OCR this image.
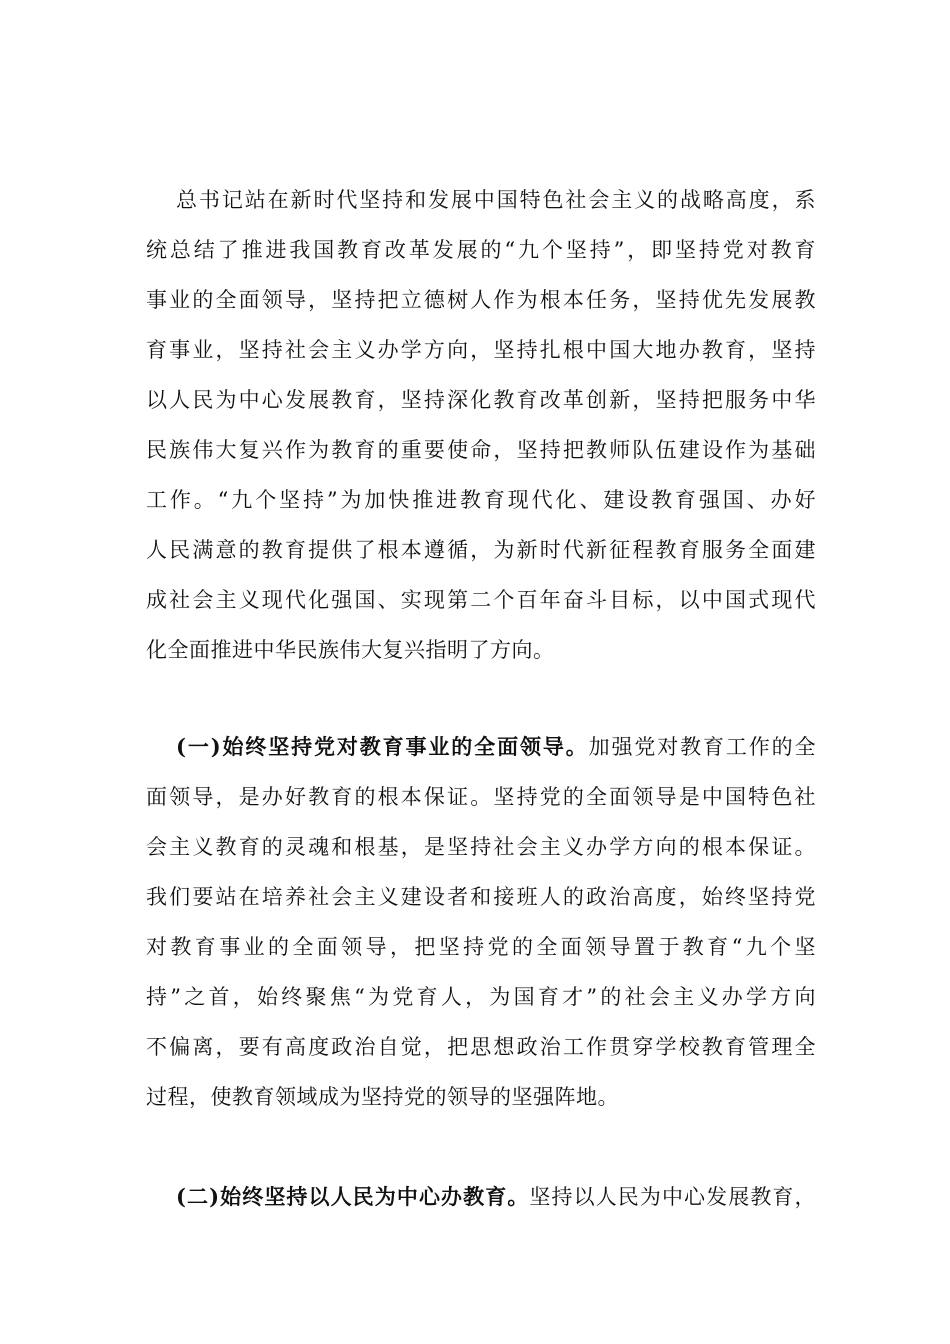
总书记站在新时代坚持和发展中国特色社会主义的战略高度，系
统总结了推进我国教育改革发展的“九个坚持”，即坚持党对教育
事业的全面领导，坚持把立德树人作为根本任务，坚持优先发展教
育事业，坚持社会主义办学方向，坚持扎根中国大地办教育，坚持
以人民为中心发展教育，坚持深化教育改革创新，坚持把服务中华
民族伟大复兴作为教育的重要使命，坚持把教师队伍建设作为基础
工作。“九个坚持”为加快推进教育现代化、建设教育强国、办好
人民满意的教育提供了根本遵循，为新时代新征程教育服务全面建
成社会主义现代化强国、实现第二个百年奋斗目标，以中国式现代
化全面推进中华民族伟大复兴指明了方向。
(一)始终坚持党对教育事业的全面领导。加强党对教育工作的全
面领导，是办好教育的根本保证。坚持党的全面领导是中国特色社
会主义教育的灵魂和根基，是坚持社会主义办学方向的根本保证。
我们要站在培养社会主义建设者和接班人的政治高度，始终坚持党
对教育事业的全面领导，把坚持党的全面领导置于教育“九个坚
持”之首，始终聚焦“为党育人，为国育才”的社会主义办学方向
不偏离，要有高度政治自觉，把思想政治工作贯穿学校教育管理全
过程，使教育领域成为坚持党的领导的坚强阵地。
(二)始终坚持以人民为中心办教育。坚持以人民为中心发展教育，
